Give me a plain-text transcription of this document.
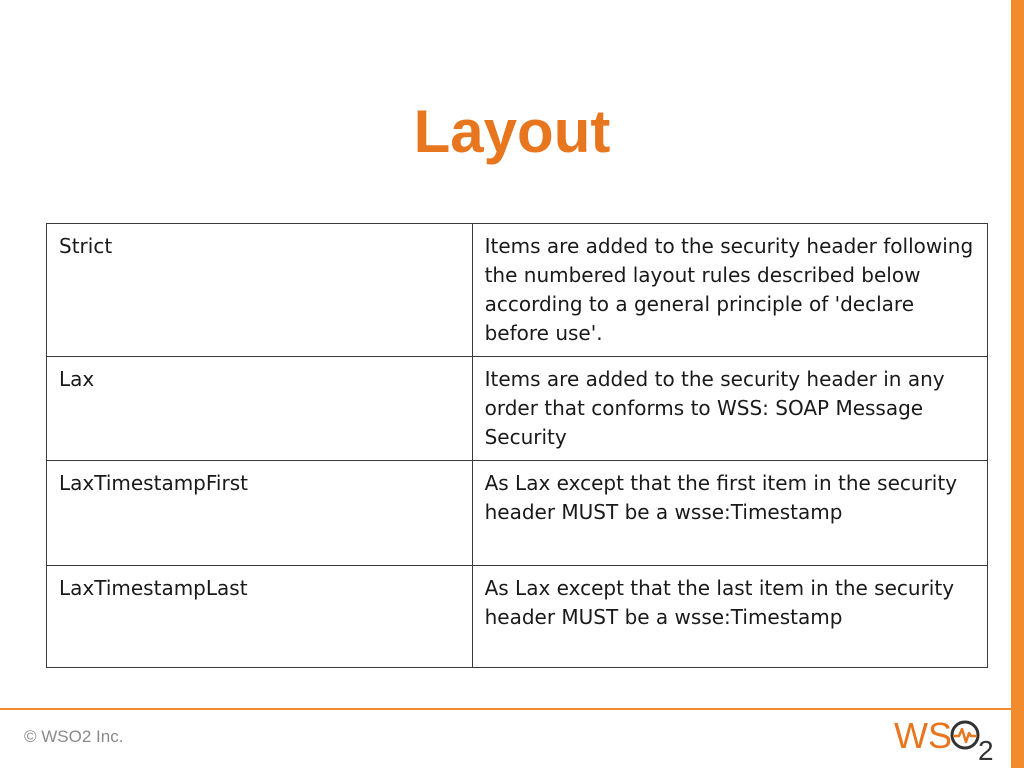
Layout
Strict	Items are added to the security header following the numbered layout rules described below according to a general principle of 'declare before use'.
Lax	Items are added to the security header in any order that conforms to WSS: SOAP Message Security
LaxTimestampFirst	As Lax except that the first item in the security header MUST be a wsse:Timestamp
LaxTimestampLast	As Lax except that the last item in the security header MUST be a wsse:Timestamp
© WSO2 Inc.	WS 2
